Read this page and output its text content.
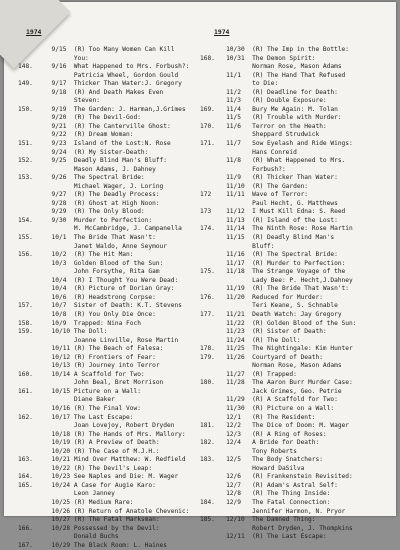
1974
9/15  (R) Too Many Women Can Kill
You:
148.     9/16  What Happened to Mrs. Forbush?:
Patricia Wheel, Gordon Gould
149.     9/17  Thicker Than Water:J. Gregory
9/18  (R) And Death Makes Even
Steven:
150.     9/19  The Garden: J. Harman,J.Grimes
9/20  (R) The Devil-God:
9/21  (R) The Canterville Ghost:
9/22  (R) Dream Woman:
151.     9/23  Island of the Lost:N. Rose
9/24  (R) My Sister-Death:
152.     9/25  Deadly Blind Man's Bluff:
Mason Adams, J. Dahney
153.     9/26  The Spectral Bride:
Michael Wager, J. Loring
9/27  (R) The Deadly Process:
9/28  (R) Ghost at High Noon:
9/29  (R) The Only Blood:
154.     9/30  Murder to Perfection:
M. McCambridge, J. Campanella
155.     10/1  The Bride That Wasn't:
Janet Waldo, Anne Seymour
156.     10/2  (R) The Hit Man:
10/3  Golden Blood of the Sun:
John Forsythe, Rita Gam
10/4  (R) I Thought You Were Dead:
10/4  (R) Picture of Dorian Gray:
10/6  (R) Headstrong Corpse:
157.     10/7  Sister of Death: K.T. Stevens
10/8  (R) You Only Die Once:
158.     10/9  Trapped: Nina Foch
159.     10/10 The Doll:
Joanne Linville, Rose Martin
10/11 (R) The Beach of Falesa:
10/12 (R) Frontiers of Fear:
10/13 (R) Journey into Terror
160.     10/14 A Scaffold for Two:
John Beal, Bret Morrison
161.     10/15 Picture on a Wall:
Diane Baker
10/16 (R) The Final Vow:
162.     10/17 The Last Escape:
Joan Lovejoy, Robert Dryden
10/18 (R) The Hands of Mrs. Mallory:
10/19 (R) A Preview of Death:
10/20 (R) The Case of M.J.H.:
163.     10/21 Mind Over Matthew: W. Redfield
10/22 (R) The Devil's Leap:
164.     10/23 See Naples and Die: M. Wager
165.     10/24 A Case for Augie Karo:
Leon Janney
10/25 (R) Medium Rare:
10/26 (R) Return of Anatole Chevenic:
10/27 (R) The Fatal Marksman:
166.     10/28 Possessed by the Devil:
Donald Buchs
167.     10/29 The Black Room: L. Haines
1974
10/30  (R) The Imp in the Bottle:
168.   10/31  The Demon Spirit:
Norman Rose, Mason Adams
11/1   (R) The Hand That Refused
to Die:
11/2   (R) Deadline for Death:
11/3   (R) Double Exposure:
169.   11/4   Bury Me Again: M. Tolan
11/5   (R) Trouble with Murder:
170.   11/6   Terror on the Heath:
Sheppard Strudwick
171.   11/7   Sow Eyelash and Ride Wings:
Hans Conreid
11/8   (R) What Happened to Mrs.
Forbush?:
11/9   (R) Thicker Than Water:
11/10  (R) The Garden:
172    11/11  Wave of Terror:
Paul Hecht, G. Matthews
173    11/12  I Must Kill Edna: S. Reed
11/13  (R) Island of the Lost:
174.   11/14  The Ninth Rose: Rose Martin
11/15  (R) Deadly Blind Man's
Bluff:
11/16  (R) The Spectral Bride:
11/17  (R) Murder to Perfection:
175.   11/18  The Strange Voyage of the
Lady Bee: P. Hecht,J.Dahney
11/19  (R) The Bride That Wasn't:
176.   11/20  Reduced for Murder:
Teri Keane, S. Schnable
177.   11/21  Death Watch: Jay Gregory
11/22  (R) Golden Blood of the Sun:
11/23  (R) Sister of Death:
11/24  (R) The Doll:
178.   11/25  The Nightingale: Kim Hunter
179.   11/26  Courtyard of Death:
Norman Rose, Mason Adams
11/27  (R) Trapped:
180.   11/28  The Aaron Burr Murder Case:
Jack Grimes, Geo. Petrie
11/29  (R) A Scaffold for Two:
11/30  (R) Picture on a Wall:
12/1   (R) The Resident:
181.   12/2   The Dice of Doom: M. Wager
12/3   (R) A Ring of Roses:
182.   12/4   A Bride for Death:
Tony Roberts
183.   12/5   The Body Snatchers:
Howard DaSilva
12/6   (R) Frankenstein Revisited:
12/7   (R) Adam's Astral Self:
12/8   (R) The Thing Inside:
184.   12/9   The Fatal Connection:
Jennifer Harmon, N. Pryor
185.   12/10  The Damned Thing:
Robert Dryden, J. Thompkins
12/11  (R) The Last Escape:
